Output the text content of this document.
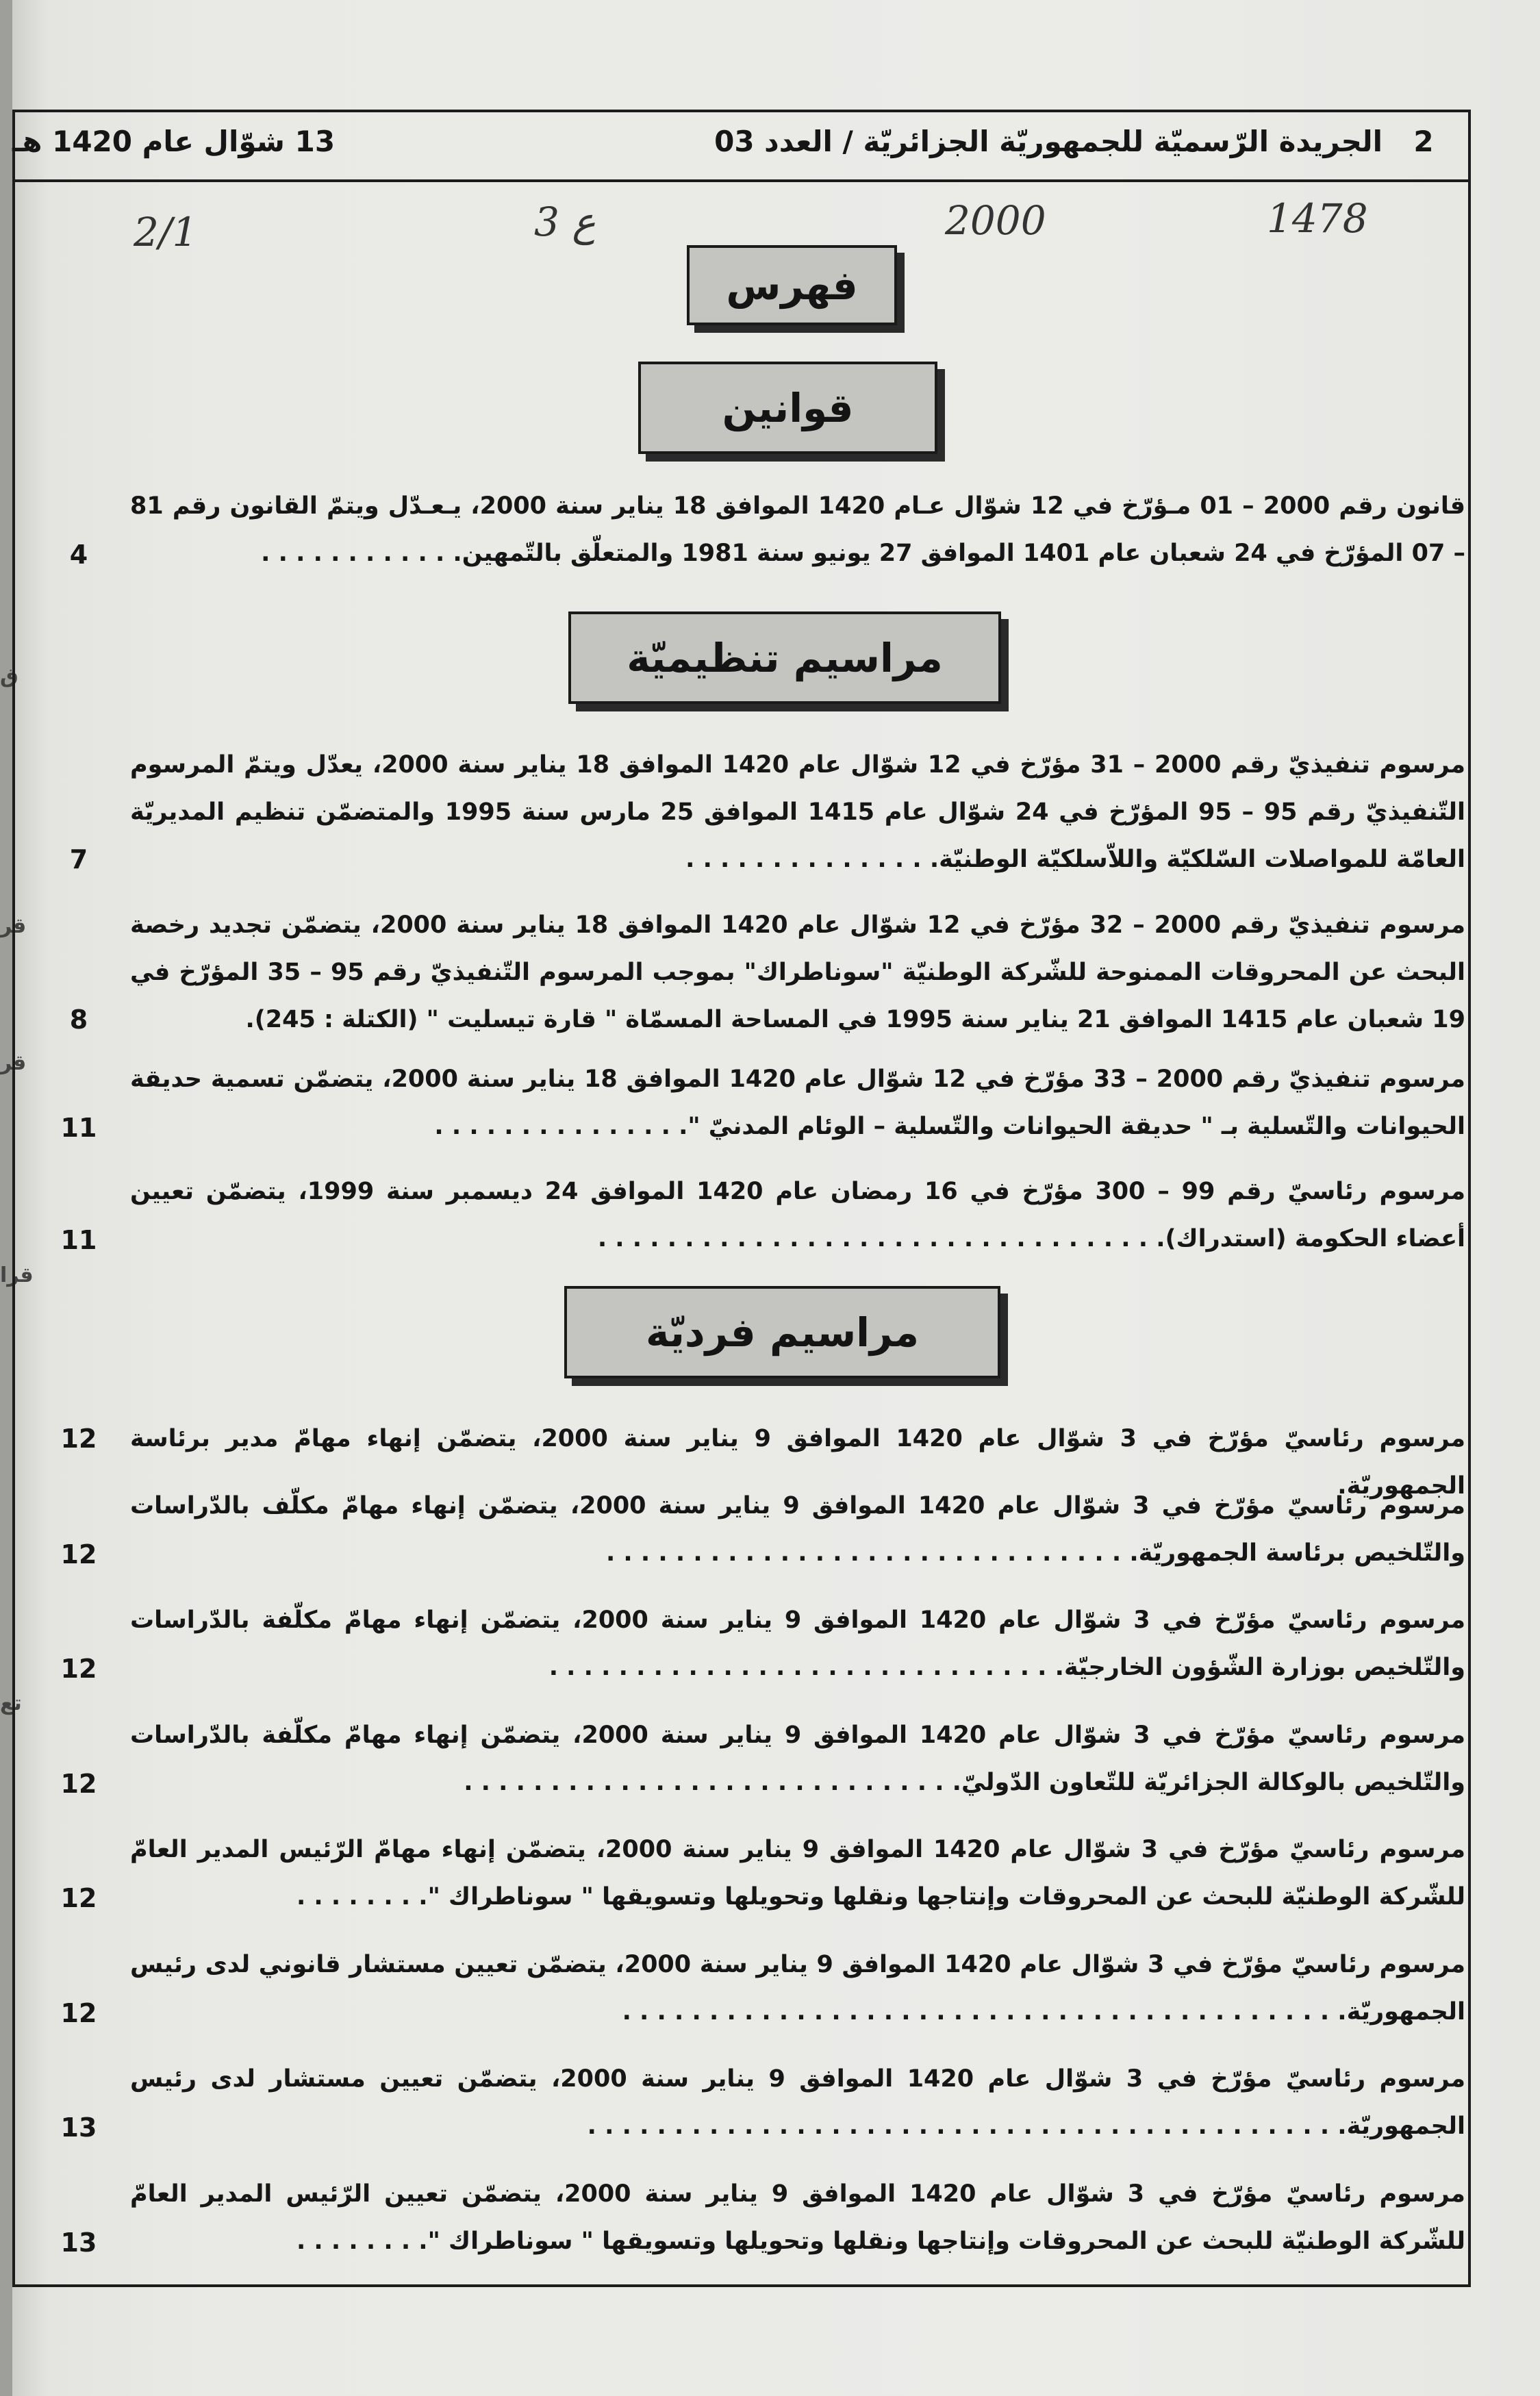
ق
قر
قر
قرا
تع
2
الجريدة الرّسميّة للجمهوريّة الجزائريّة / العدد 03
13 شوّال عام 1420 هـ
2/1	3 ع	2000	1478
فهرس
قوانين
مراسيم تنظيميّة
مراسيم فرديّة
قانون رقم 2000 – 01 مـؤرّخ في 12 شوّال عـام 1420 الموافق 18 يناير سنة 2000، يـعـدّل ويتمّ القانون رقم 81 – 07 المؤرّخ في 24 شعبان عام 1401 الموافق 27 يونيو سنة 1981 والمتعلّق بالتّمهين. . . . . . . . . . . .
4
مرسوم تنفيذيّ رقم 2000 – 31 مؤرّخ في 12 شوّال عام 1420 الموافق 18 يناير سنة 2000، يعدّل ويتمّ المرسوم التّنفيذيّ رقم 95 – 95 المؤرّخ في 24 شوّال عام 1415 الموافق 25 مارس سنة 1995 والمتضمّن تنظيم المديريّة العامّة للمواصلات السّلكيّة واللاّسلكيّة الوطنيّة. . . . . . . . . . . . . . .
7
مرسوم تنفيذيّ رقم 2000 – 32 مؤرّخ في 12 شوّال عام 1420 الموافق 18 يناير سنة 2000، يتضمّن تجديد رخصة البحث عن المحروقات الممنوحة للشّركة الوطنيّة "سوناطراك" بموجب المرسوم التّنفيذيّ رقم 95 – 35 المؤرّخ في 19 شعبان عام 1415 الموافق 21 يناير سنة 1995 في المساحة المسمّاة " قارة تيسليت " (الكتلة : 245).
8
مرسوم تنفيذيّ رقم 2000 – 33 مؤرّخ في 12 شوّال عام 1420 الموافق 18 يناير سنة 2000، يتضمّن تسمية حديقة الحيوانات والتّسلية بـ " حديقة الحيوانات والتّسلية – الوئام المدنيّ ". . . . . . . . . . . . . . .
11
مرسوم رئاسيّ رقم 99 – 300 مؤرّخ في 16 رمضان عام 1420 الموافق 24 ديسمبر سنة 1999، يتضمّن تعيين أعضاء الحكومة (استدراك). . . . . . . . . . . . . . . . . . . . . . . . . . . . . . . . .
11
مرسوم رئاسيّ مؤرّخ في 3 شوّال عام 1420 الموافق 9 يناير سنة 2000، يتضمّن إنهاء مهامّ مدير برئاسة الجمهوريّة.
12
مرسوم رئاسيّ مؤرّخ في 3 شوّال عام 1420 الموافق 9 يناير سنة 2000، يتضمّن إنهاء مهامّ مكلّف بالدّراسات والتّلخيص برئاسة الجمهوريّة. . . . . . . . . . . . . . . . . . . . . . . . . . . . . . .
12
مرسوم رئاسيّ مؤرّخ في 3 شوّال عام 1420 الموافق 9 يناير سنة 2000، يتضمّن إنهاء مهامّ مكلّفة بالدّراسات والتّلخيص بوزارة الشّؤون الخارجيّة. . . . . . . . . . . . . . . . . . . . . . . . . . . . . .
12
مرسوم رئاسيّ مؤرّخ في 3 شوّال عام 1420 الموافق 9 يناير سنة 2000، يتضمّن إنهاء مهامّ مكلّفة بالدّراسات والتّلخيص بالوكالة الجزائريّة للتّعاون الدّوليّ. . . . . . . . . . . . . . . . . . . . . . . . . . . . .
12
مرسوم رئاسيّ مؤرّخ في 3 شوّال عام 1420 الموافق 9 يناير سنة 2000، يتضمّن إنهاء مهامّ الرّئيس المدير العامّ للشّركة الوطنيّة للبحث عن المحروقات وإنتاجها ونقلها وتحويلها وتسويقها " سوناطراك ". . . . . . . .
12
مرسوم رئاسيّ مؤرّخ في 3 شوّال عام 1420 الموافق 9 يناير سنة 2000، يتضمّن تعيين مستشار قانوني لدى رئيس الجمهوريّة. . . . . . . . . . . . . . . . . . . . . . . . . . . . . . . . . . . . . . . . . .
12
مرسوم رئاسيّ مؤرّخ في 3 شوّال عام 1420 الموافق 9 يناير سنة 2000، يتضمّن تعيين مستشار لدى رئيس الجمهوريّة. . . . . . . . . . . . . . . . . . . . . . . . . . . . . . . . . . . . . . . . . . . .
13
مرسوم رئاسيّ مؤرّخ في 3 شوّال عام 1420 الموافق 9 يناير سنة 2000، يتضمّن تعيين الرّئيس المدير العامّ للشّركة الوطنيّة للبحث عن المحروقات وإنتاجها ونقلها وتحويلها وتسويقها " سوناطراك ". . . . . . . .
13
